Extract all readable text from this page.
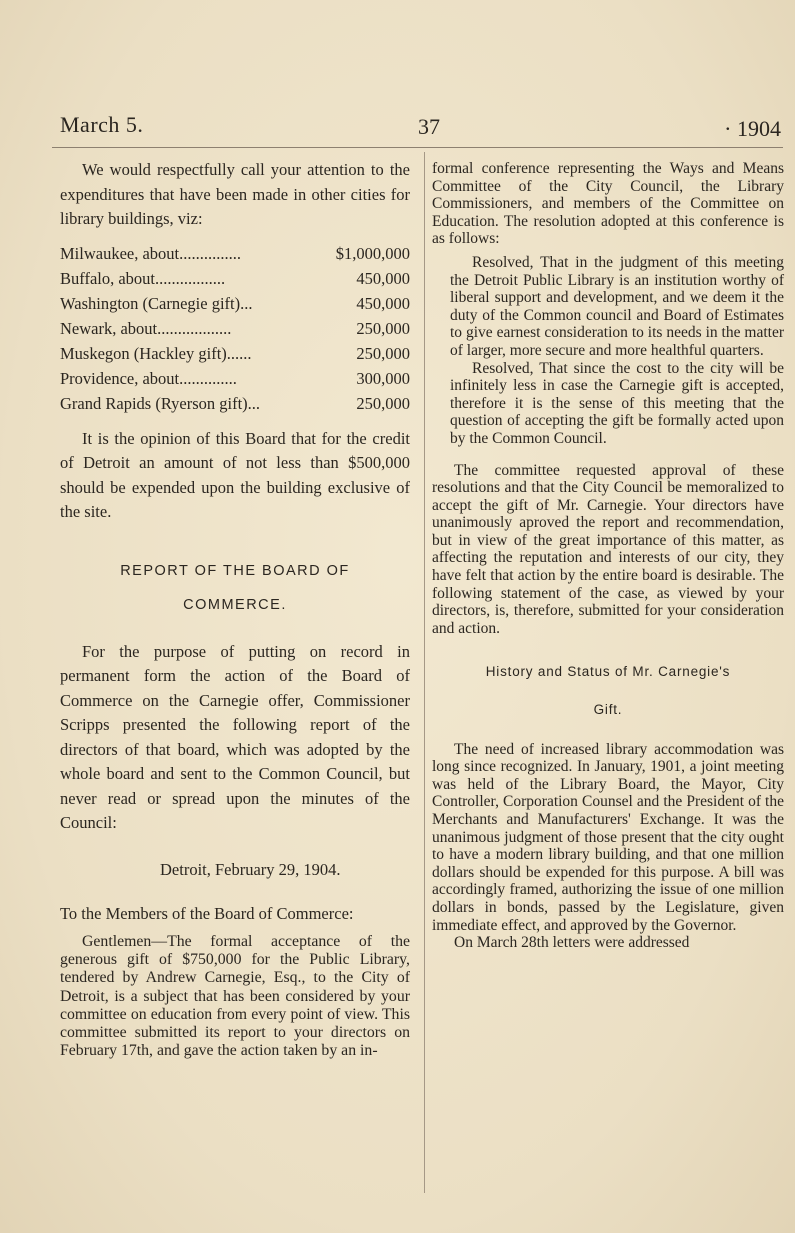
March 5.	37	· 1904

We would respectfully call your attention to the expenditures that have been made in other cities for library buildings, viz:

Milwaukee, about...............	$1,000,000
Buffalo, about.................	450,000
Washington (Carnegie gift)...	450,000
Newark, about..................	250,000
Muskegon (Hackley gift)......	250,000
Providence, about..............	300,000
Grand Rapids (Ryerson gift)...	250,000

It is the opinion of this Board that for the credit of Detroit an amount of not less than $500,000 should be expended upon the building exclusive of the site.

REPORT OF THE BOARD OF
COMMERCE.

For the purpose of putting on record in permanent form the action of the Board of Commerce on the Carnegie offer, Commissioner Scripps presented the following report of the directors of that board, which was adopted by the whole board and sent to the Common Council, but never read or spread upon the minutes of the Council:

Detroit, February 29, 1904.
To the Members of the Board of Commerce:
Gentlemen—The formal acceptance of the generous gift of $750,000 for the Public Library, tendered by Andrew Carnegie, Esq., to the City of Detroit, is a subject that has been considered by your committee on education from every point of view. This committee submitted its report to your directors on February 17th, and gave the action taken by an in-

formal conference representing the Ways and Means Committee of the City Council, the Library Commissioners, and members of the Committee on Education. The resolution adopted at this conference is as follows:

Resolved, That in the judgment of this meeting the Detroit Public Library is an institution worthy of liberal support and development, and we deem it the duty of the Common council and Board of Estimates to give earnest consideration to its needs in the matter of larger, more secure and more healthful quarters.

Resolved, That since the cost to the city will be infinitely less in case the Carnegie gift is accepted, therefore it is the sense of this meeting that the question of accepting the gift be formally acted upon by the Common Council.

The committee requested approval of these resolutions and that the City Council be memoralized to accept the gift of Mr. Carnegie. Your directors have unanimously aproved the report and recommendation, but in view of the great importance of this matter, as affecting the reputation and interests of our city, they have felt that action by the entire board is desirable. The following statement of the case, as viewed by your directors, is, therefore, submitted for your consideration and action.

History and Status of Mr. Carnegie's
Gift.

The need of increased library accommodation was long since recognized. In January, 1901, a joint meeting was held of the Library Board, the Mayor, City Controller, Corporation Counsel and the President of the Merchants and Manufacturers' Exchange. It was the unanimous judgment of those present that the city ought to have a modern library building, and that one million dollars should be expended for this purpose. A bill was accordingly framed, authorizing the issue of one million dollars in bonds, passed by the Legislature, given immediate effect, and approved by the Governor.

On March 28th letters were addressed
